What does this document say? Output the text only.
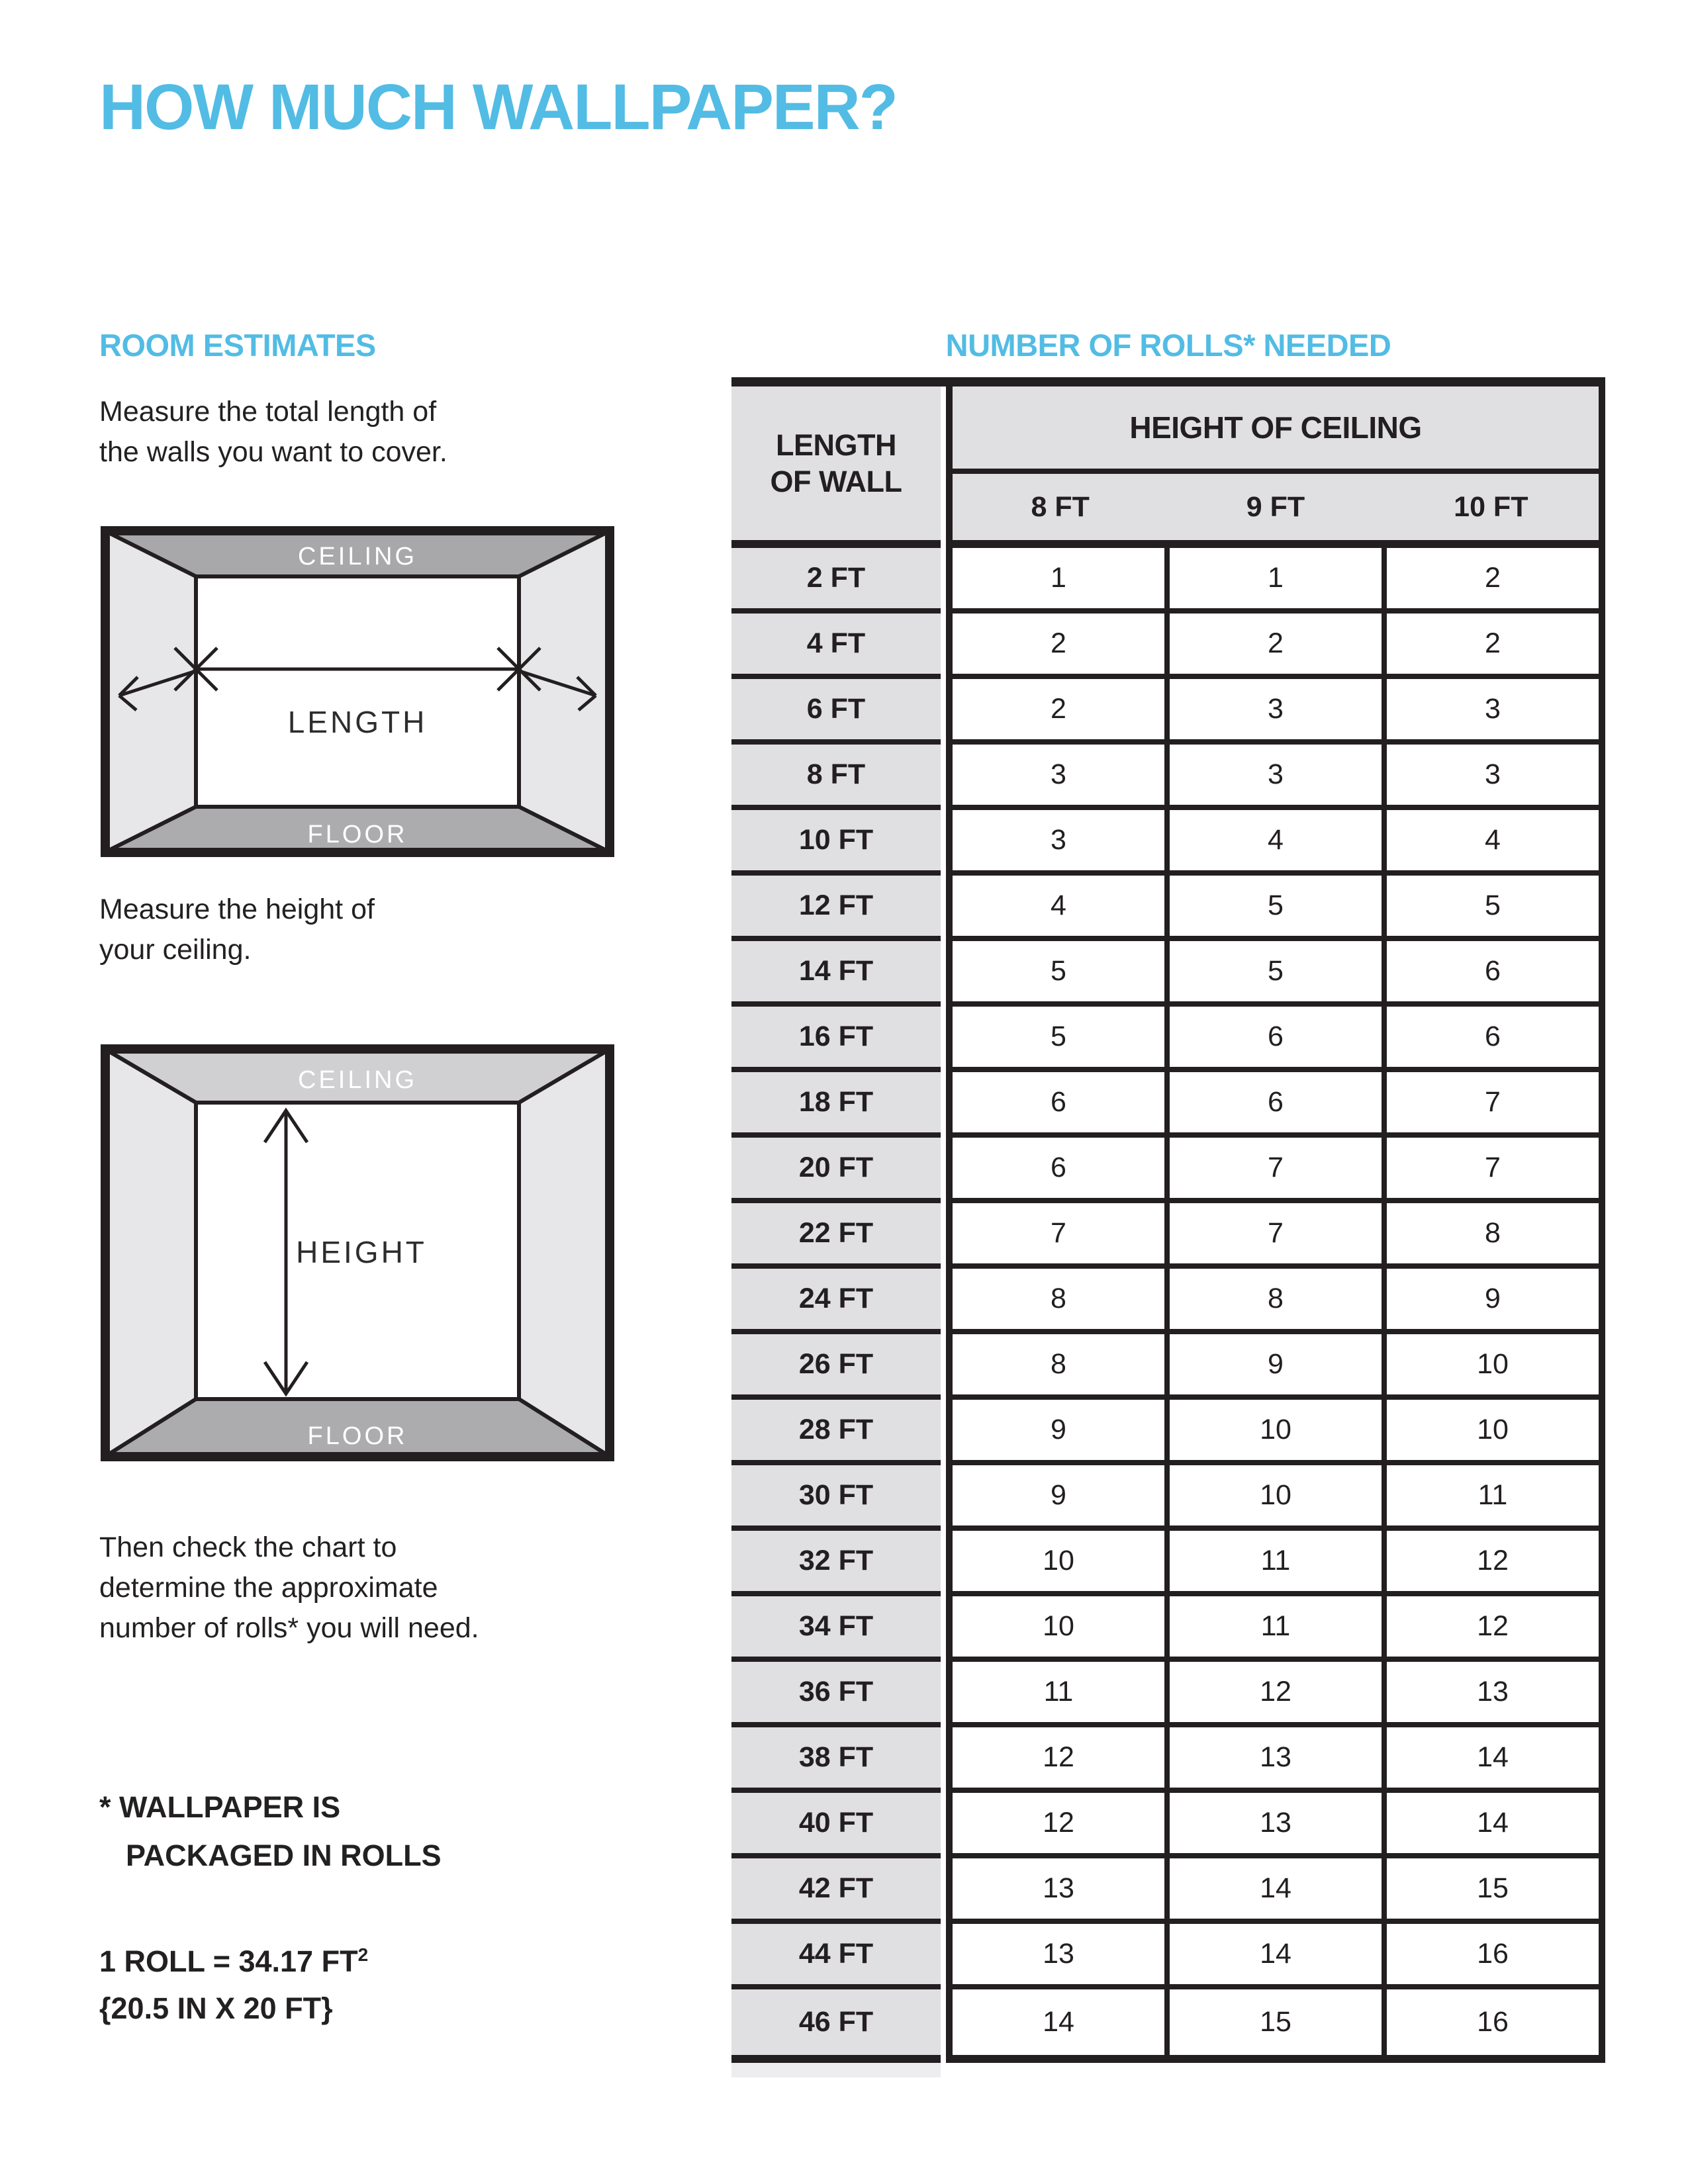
HOW MUCH WALLPAPER?
ROOM ESTIMATES
Measure the total length of
the walls you want to cover.
CEILING
FLOOR
LENGTH
Measure the height of
your ceiling.
CEILING
FLOOR
HEIGHT
Then check the chart to
determine the approximate
number of rolls* you will need.
* WALLPAPER IS
PACKAGED IN ROLLS
1 ROLL = 34.17 $FT^2$
{20.5 IN X 20 FT}
NUMBER OF ROLLS* NEEDED
LENGTH
OF WALL
HEIGHT OF CEILING
8 FT	9 FT	10 FT
2 FT	1	1	2
4 FT	2	2	2
6 FT	2	3	3
8 FT	3	3	3
10 FT	3	4	4
12 FT	4	5	5
14 FT	5	5	6
16 FT	5	6	6
18 FT	6	6	7
20 FT	6	7	7
22 FT	7	7	8
24 FT	8	8	9
26 FT	8	9	10
28 FT	9	10	10
30 FT	9	10	11
32 FT	10	11	12
34 FT	10	11	12
36 FT	11	12	13
38 FT	12	13	14
40 FT	12	13	14
42 FT	13	14	15
44 FT	13	14	16
46 FT	14	15	16
